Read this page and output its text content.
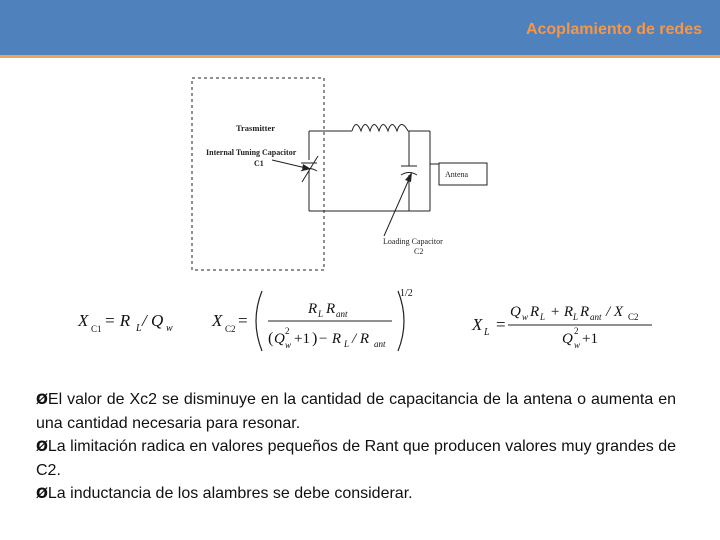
Acoplamiento de redes
Trasmitter
Internal Tuning Capacitor
C1
Antena
Loading Capacitor
C2
X C1 = R L / Q w X C2 =
1/2
R L R ant
( Q w
2 +1 ) − R L / R ant
X L =
Q w R L + R L R ant / X C2
Q w
2 +1

ØEl valor de Xc2 se disminuye en la cantidad de capacitancia de la antena o aumenta en una cantidad necesaria para resonar.

ØLa limitación radica en valores pequeños de Rant que producen valores muy grandes de C2.

ØLa inductancia de los alambres se debe considerar.
